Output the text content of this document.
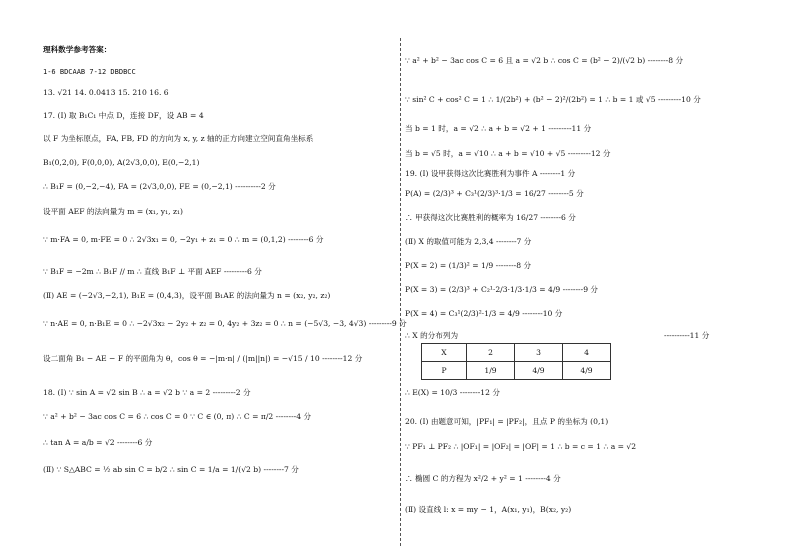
理科数学参考答案：
1-6 BDCAAB 7-12 DBDBCC
13. √21 14. 0.0413 15. 210 16. 6
17. (Ⅰ) 取 B₁C₁ 中点 D，连接 DF，设 AB = 4
以 F 为坐标原点，FA, FB, FD 的方向为 x, y, z 轴的正方向建立空间直角坐标系
B₁(0,2,0), F(0,0,0), A(2√3,0,0), E(0,−2,1)
∴ B₁F = (0,−2,−4), FA = (2√3,0,0), FE = (0,−2,1) ----------2 分
设平面 AEF 的法向量为 m = (x₁, y₁, z₁)
∵ m·FA = 0, m·FE = 0 ∴ 2√3x₁ = 0, −2y₁ + z₁ = 0 ∴ m = (0,1,2) --------6 分
∵ B₁F = −2m ∴ B₁F // m ∴ 直线 B₁F ⊥ 平面 AEF ---------6 分
(Ⅱ) AE = (−2√3,−2,1), B₁E = (0,4,3)，设平面 B₁AE 的法向量为 n = (x₂, y₂, z₂)
∵ n·AE = 0, n·B₁E = 0 ∴ −2√3x₂ − 2y₂ + z₂ = 0, 4y₂ + 3z₂ = 0 ∴ n = (−5√3, −3, 4√3) ---------9 分
设二面角 B₁ − AE − F 的平面角为 θ，cos θ = −|m·n| / (|m||n|) = −√15 / 10 --------12 分
18. (Ⅰ) ∵ sin A = √2 sin B ∴ a = √2 b ∵ a = 2 ---------2 分
∵ a² + b² − 3ac cos C = 6 ∴ cos C = 0 ∵ C ∈ (0, π) ∴ C = π/2 --------4 分
∴ tan A = a/b = √2 --------6 分
(Ⅱ) ∵ S△ABC = ½ ab sin C = b/2 ∴ sin C = 1/a = 1/(√2 b) --------7 分
∵ a² + b² − 3ac cos C = 6 且 a = √2 b ∴ cos C = (b² − 2)/(√2 b) --------8 分
∵ sin² C + cos² C = 1 ∴ 1/(2b²) + (b² − 2)²/(2b²) = 1 ∴ b = 1 或 √5 ---------10 分
当 b = 1 时，a = √2 ∴ a + b = √2 + 1 ---------11 分
当 b = √5 时，a = √10 ∴ a + b = √10 + √5 ---------12 分
19. (Ⅰ) 设甲获得这次比赛胜利为事件 A --------1 分
P(A) = (2/3)³ + C₃¹(2/3)³·1/3 = 16/27 --------5 分
∴ 甲获得这次比赛胜利的概率为 16/27 --------6 分
(Ⅱ) X 的取值可能为 2,3,4 --------7 分
P(X = 2) = (1/3)² = 1/9 --------8 分
P(X = 3) = (2/3)³ + C₂¹·2/3·1/3·1/3 = 4/9 --------9 分
P(X = 4) = C₃¹(2/3)²·1/3 = 4/9 --------10 分
∴ X 的分布列为	----------11 分
X	2	3	4
P	1/9	4/9	4/9
∴ E(X) = 10/3 --------12 分
20. (Ⅰ) 由题意可知，|PF₁| = |PF₂|，且点 P 的坐标为 (0,1)
∵ PF₁ ⊥ PF₂ ∴ |OF₁| = |OF₂| = |OF| = 1 ∴ b = c = 1 ∴ a = √2
∴ 椭圆 C 的方程为 x²/2 + y² = 1 --------4 分
(Ⅱ) 设直线 l: x = my − 1，A(x₁, y₁)，B(x₂, y₂)
